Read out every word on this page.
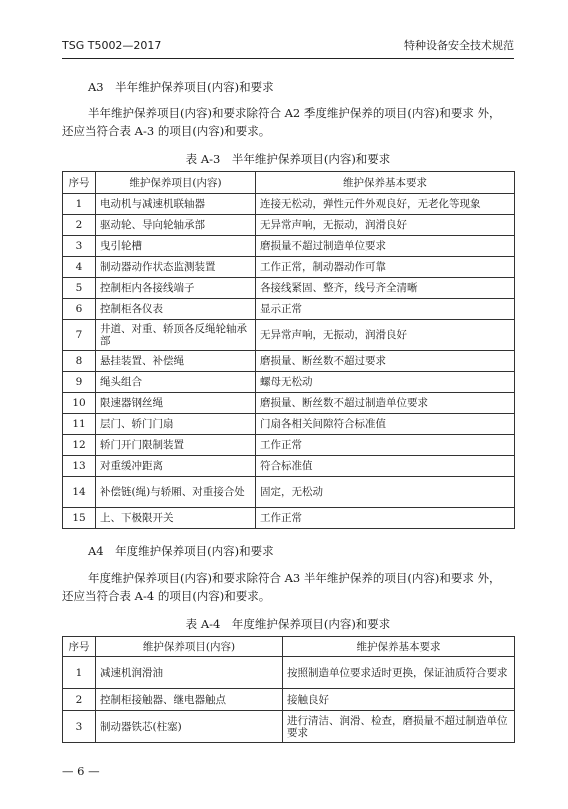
TSG T5002—2017	特种设备安全技术规范
A3　半年维护保养项目(内容)和要求
半年维护保养项目(内容)和要求除符合 A2 季度维护保养的项目(内容)和要求 外，
还应当符合表 A-3 的项目(内容)和要求。
表 A-3　半年维护保养项目(内容)和要求
序号	维护保养项目(内容)	维护保养基本要求
1	电动机与减速机联轴器	连接无松动，弹性元件外观良好，无老化等现象
2	驱动轮、导向轮轴承部	无异常声响，无振动，润滑良好
3	曳引轮槽	磨损量不超过制造单位要求
4	制动器动作状态监测装置	工作正常，制动器动作可靠
5	控制柜内各接线端子	各接线紧固、整齐，线号齐全清晰
6	控制柜各仪表	显示正常
7	井道、对重、轿顶各反绳轮轴承部	无异常声响，无振动，润滑良好
8	悬挂装置、补偿绳	磨损量、断丝数不超过要求
9	绳头组合	螺母无松动
10	限速器钢丝绳	磨损量、断丝数不超过制造单位要求
11	层门、轿门门扇	门扇各相关间隙符合标准值
12	轿门开门限制装置	工作正常
13	对重缓冲距离	符合标准值
14	补偿链(绳)与轿厢、对重接合处	固定，无松动
15	上、下极限开关	工作正常
A4　年度维护保养项目(内容)和要求
年度维护保养项目(内容)和要求除符合 A3 半年维护保养的项目(内容)和要求 外，
还应当符合表 A-4 的项目(内容)和要求。
表 A-4　年度维护保养项目(内容)和要求
序号	维护保养项目(内容)	维护保养基本要求
1	减速机润滑油	按照制造单位要求适时更换，保证油质符合要求
2	控制柜接触器、继电器触点	接触良好
3	制动器铁芯(柱塞)	进行清洁、润滑、检查，磨损量不超过制造单位要求
— 6 —
